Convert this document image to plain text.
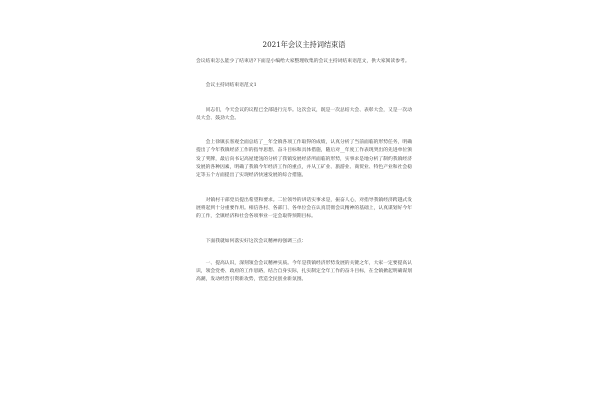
2021年会议主持词结束语

会议结束怎么能少了结束语?下面是小编给大家整理收集的会议主持词结束语范文，供大家阅读参考。

会议主持词结束语范文1

同志们，今天会议的议程已全部进行完毕。这次会议，既是一次总结大会、表彰大会，又是一次动员大会、鼓劲大会。

会上徐镇长客观全面总结了__年全镇各项工作取得的成绩，认真分析了当前面临的形势任务，明确提出了今年我镇经济工作的指导思想、奋斗目标和具体措施，随后对__年度工作表现突出的先进单位颁发了奖牌，最后向书记高屋建瓴的分析了我镇发展经济所面临的形势，实事求是地分析了制约我镇经济发展的各种因素，明确了我镇今年经济工作的重点，并从工矿业、旅游业、商贸业、特色产业和社会稳定等五个方面提出了实现经济快速发展的综合措施。

对镇村干部党员提出希望和要求。二位领导的讲话实事求是，振奋人心，对指导我镇经济跨越式发展将起到十分重要作用。相信各村、各部门、各单位会在认真贯彻会议精神的基础上，认真谋划好今年的工作，全镇经济和社会各项事业一定会取得预期目标。

下面我就如何落实好这次会议精神再强调三点：

一、提高认识，深刻领会会议精神实质。今年是我镇经济形势发展的关键之年，大家一定要提高认识，领会党委、政府的工作思路，结合自身实际，扎实制定全年工作的奋斗目标，在全镇掀起明确谋划高潮，发动经营引资新攻势，营造全民创业新氛围。
